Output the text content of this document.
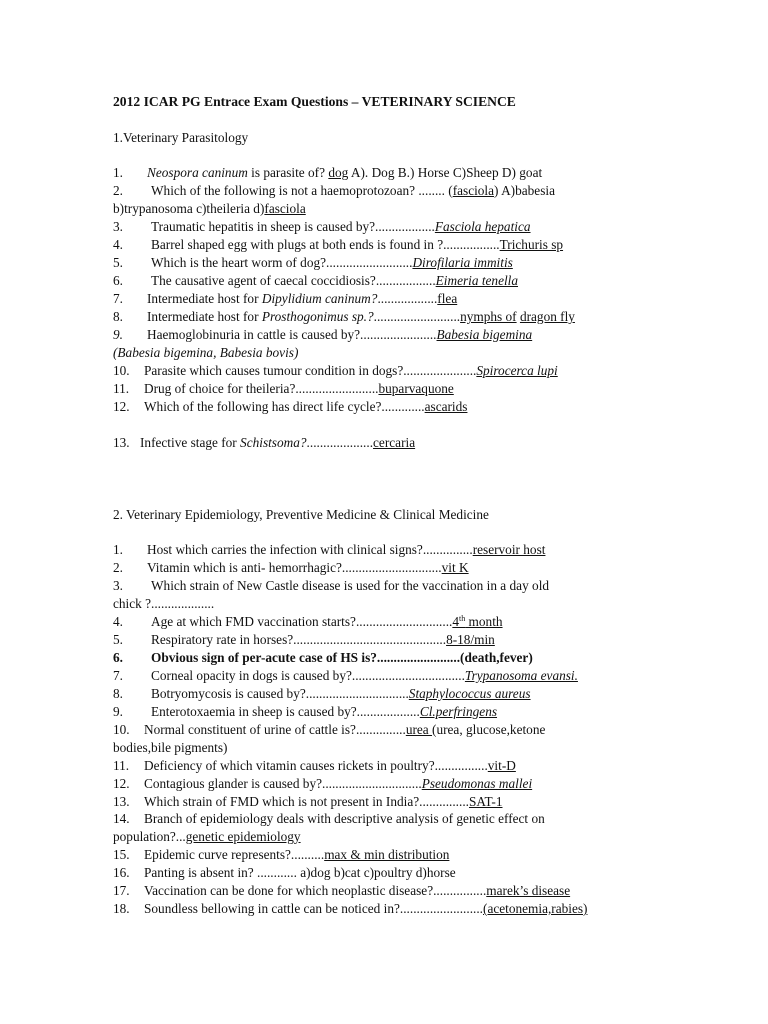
2012 ICAR PG Entrace Exam Questions – VETERINARY SCIENCE
1.Veterinary Parasitology
1. Neospora caninum is parasite of? dog A). Dog B.) Horse C)Sheep D) goat
2. Which of the following is not a haemoprotozoan? ........ (fasciola) A)babesia
b)trypanosoma c)theileria d)fasciola
3. Traumatic hepatitis in sheep is caused by?..................Fasciola hepatica
4. Barrel shaped egg with plugs at both ends is found in ?.................Trichuris sp
5. Which is the heart worm of dog?..........................Dirofilaria immitis
6. The causative agent of caecal coccidiosis?..................Eimeria tenella
7. Intermediate host for Dipylidium caninum?..................flea
8. Intermediate host for Prosthogonimus sp.?..........................nymphs of dragon fly
9. Haemoglobinuria in cattle is caused by?.......................Babesia bigemina
(Babesia bigemina, Babesia bovis)
10. Parasite which causes tumour condition in dogs?......................Spirocerca lupi
11. Drug of choice for theileria?.........................buparvaquone
12. Which of the following has direct life cycle?.............ascarids
13. Infective stage for Schistsoma?....................cercaria
2. Veterinary Epidemiology, Preventive Medicine & Clinical Medicine
1. Host which carries the infection with clinical signs?...............reservoir host
2. Vitamin which is anti- hemorrhagic?..............................vit K
3. Which strain of New Castle disease is used for the vaccination in a day old
chick ?...................
4. Age at which FMD vaccination starts?.............................4th month
5. Respiratory rate in horses?..............................................8-18/min
6. Obvious sign of per-acute case of HS is?.........................(death,fever)
7. Corneal opacity in dogs is caused by?..................................Trypanosoma evansi.
8. Botryomycosis is caused by?...............................Staphylococcus aureus
9. Enterotoxaemia in sheep is caused by?...................Cl.perfringens
10. Normal constituent of urine of cattle is?...............urea (urea, glucose,ketone
bodies,bile pigments)
11. Deficiency of which vitamin causes rickets in poultry?................vit-D
12. Contagious glander is caused by?..............................Pseudomonas mallei
13. Which strain of FMD which is not present in India?...............SAT-1
14. Branch of epidemiology deals with descriptive analysis of genetic effect on
population?...genetic epidemiology
15. Epidemic curve represents?..........max & min distribution
16. Panting is absent in? ............ a)dog b)cat c)poultry d)horse
17. Vaccination can be done for which neoplastic disease?................marek’s disease
18. Soundless bellowing in cattle can be noticed in?.........................(acetonemia,rabies)
